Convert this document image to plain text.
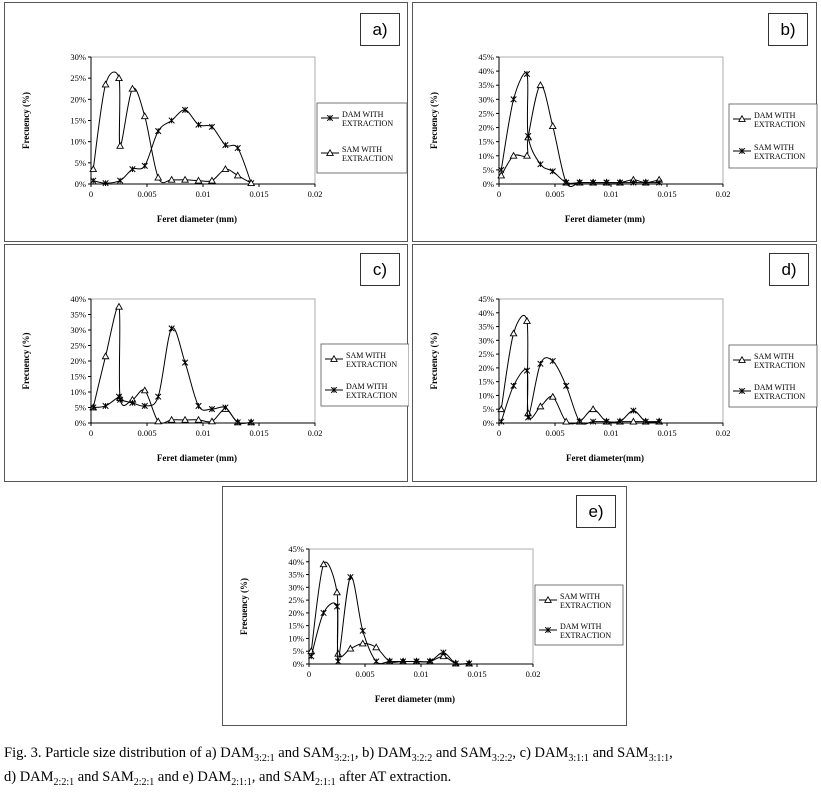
0%
5%
10%
15%
20%
25%
30%
0	0.005	0.01	0.015	0.02
Feret diameter (mm)
Frecuency (%)	DAM WITH
EXTRACTION
SAM WITH
EXTRACTION
a)
0%
5%
10%
15%
20%
25%
30%
35%
40%
45%
0	0.005	0.01	0.015	0.02
Feret diameter (mm)
Frecuency (%)	DAM WITH
EXTRACTION
SAM WITH
EXTRACTION
b)
0%
5%
10%
15%
20%
25%
30%
35%
40%
0	0.005	0.01	0.015	0.02
Feret diameter (mm)
Frecuency (%)	SAM WITH
EXTRACTION
DAM WITH
EXTRACTION
c)
0%
5%
10%
15%
20%
25%
30%
35%
40%
45%
0	0.005	0.01	0.015	0.02
Feret diameter(mm)
Frecuency (%)	SAM WITH
EXTRACTION
DAM WITH
EXTRACTION
d)
0%
5%
10%
15%
20%
25%
30%
35%
40%
45%
0	0.005	0.01	0.015	0.02
Feret diameter (mm)
Frecuency (%)	SAM WITH
EXTRACTION
DAM WITH
EXTRACTION
e)
Fig. 3. Particle size distribution of a) $DAM_{3:2:1}$ and $SAM_{3:2:1}$, b) $DAM_{3:2:2}$ and $SAM_{3:2:2}$, c) $DAM_{3:1:1}$ and $SAM_{3:1:1}$,
d) $DAM_{2:2:1}$ and $SAM_{2:2:1}$ and e) $DAM_{2:1:1}$, and $SAM_{2:1:1}$ after AT extraction.
